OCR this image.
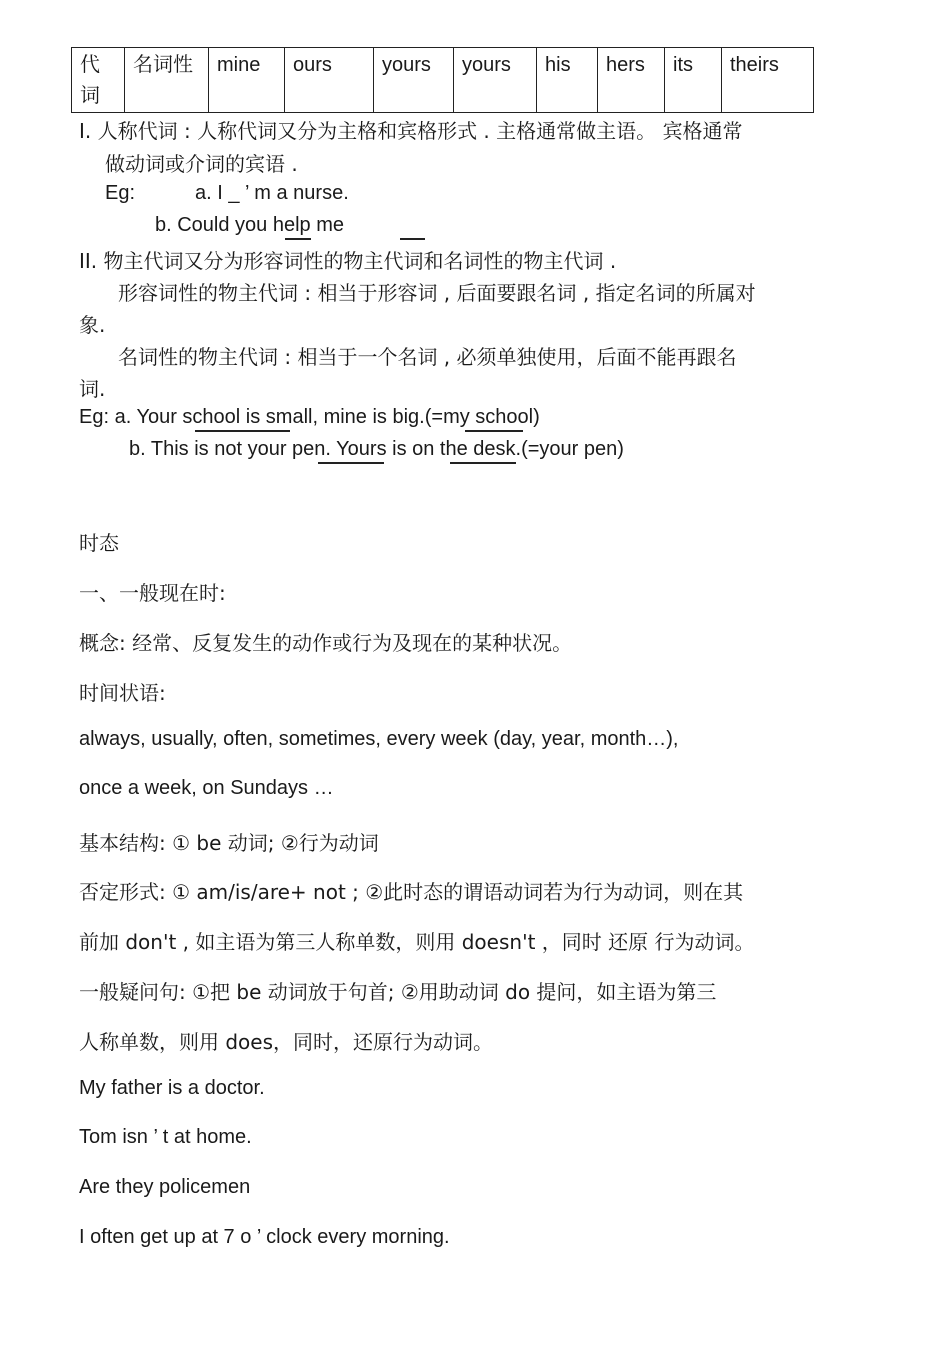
代词	名词性	mine	ours	yours	yours	his	hers	its	theirs
I. 人称代词 : 人称代词又分为主格和宾格形式 . 主格通常做主语。 宾格通常
做动词或介词的宾语 .
Eg:	a. I _ ’ m a nurse.
b. Could you help me
II. 物主代词又分为形容词性的物主代词和名词性的物主代词 .
形容词性的物主代词 : 相当于形容词 , 后面要跟名词 , 指定名词的所属对
象.
名词性的物主代词 : 相当于一个名词 , 必须单独使用，后面不能再跟名
词.
Eg: a. Your school is small, mine is big.(=my school)
b. This is not your pen. Yours is on the desk.(=your pen)
时态
一、一般现在时:
概念: 经常、反复发生的动作或行为及现在的某种状况。
时间状语:
always, usually, often, sometimes, every week (day, year, month…),
once a week, on Sundays …
基本结构: ① be 动词; ②行为动词
否定形式: ① am/is/are+ not ; ②此时态的谓语动词若为行为动词，则在其
前加 don't , 如主语为第三人称单数，则用 doesn't ，同时 还原 行为动词。
一般疑问句: ①把 be 动词放于句首; ②用助动词 do 提问，如主语为第三
人称单数，则用 does，同时，还原行为动词。
My father is a doctor.
Tom isn ’ t at home.
Are they policemen
I often get up at 7 o ’ clock every morning.
